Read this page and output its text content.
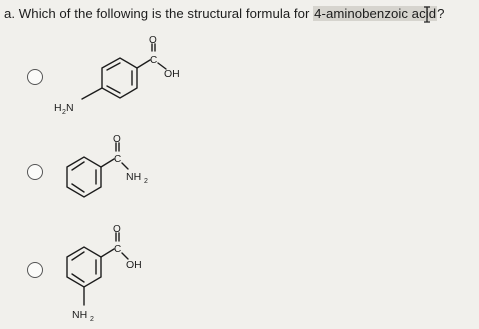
a. Which of the following is the structural formula for 4-aminobenzoic acid?
O
C
OH
H 2 N
O
C
NH 2
O
C
OH
NH 2
